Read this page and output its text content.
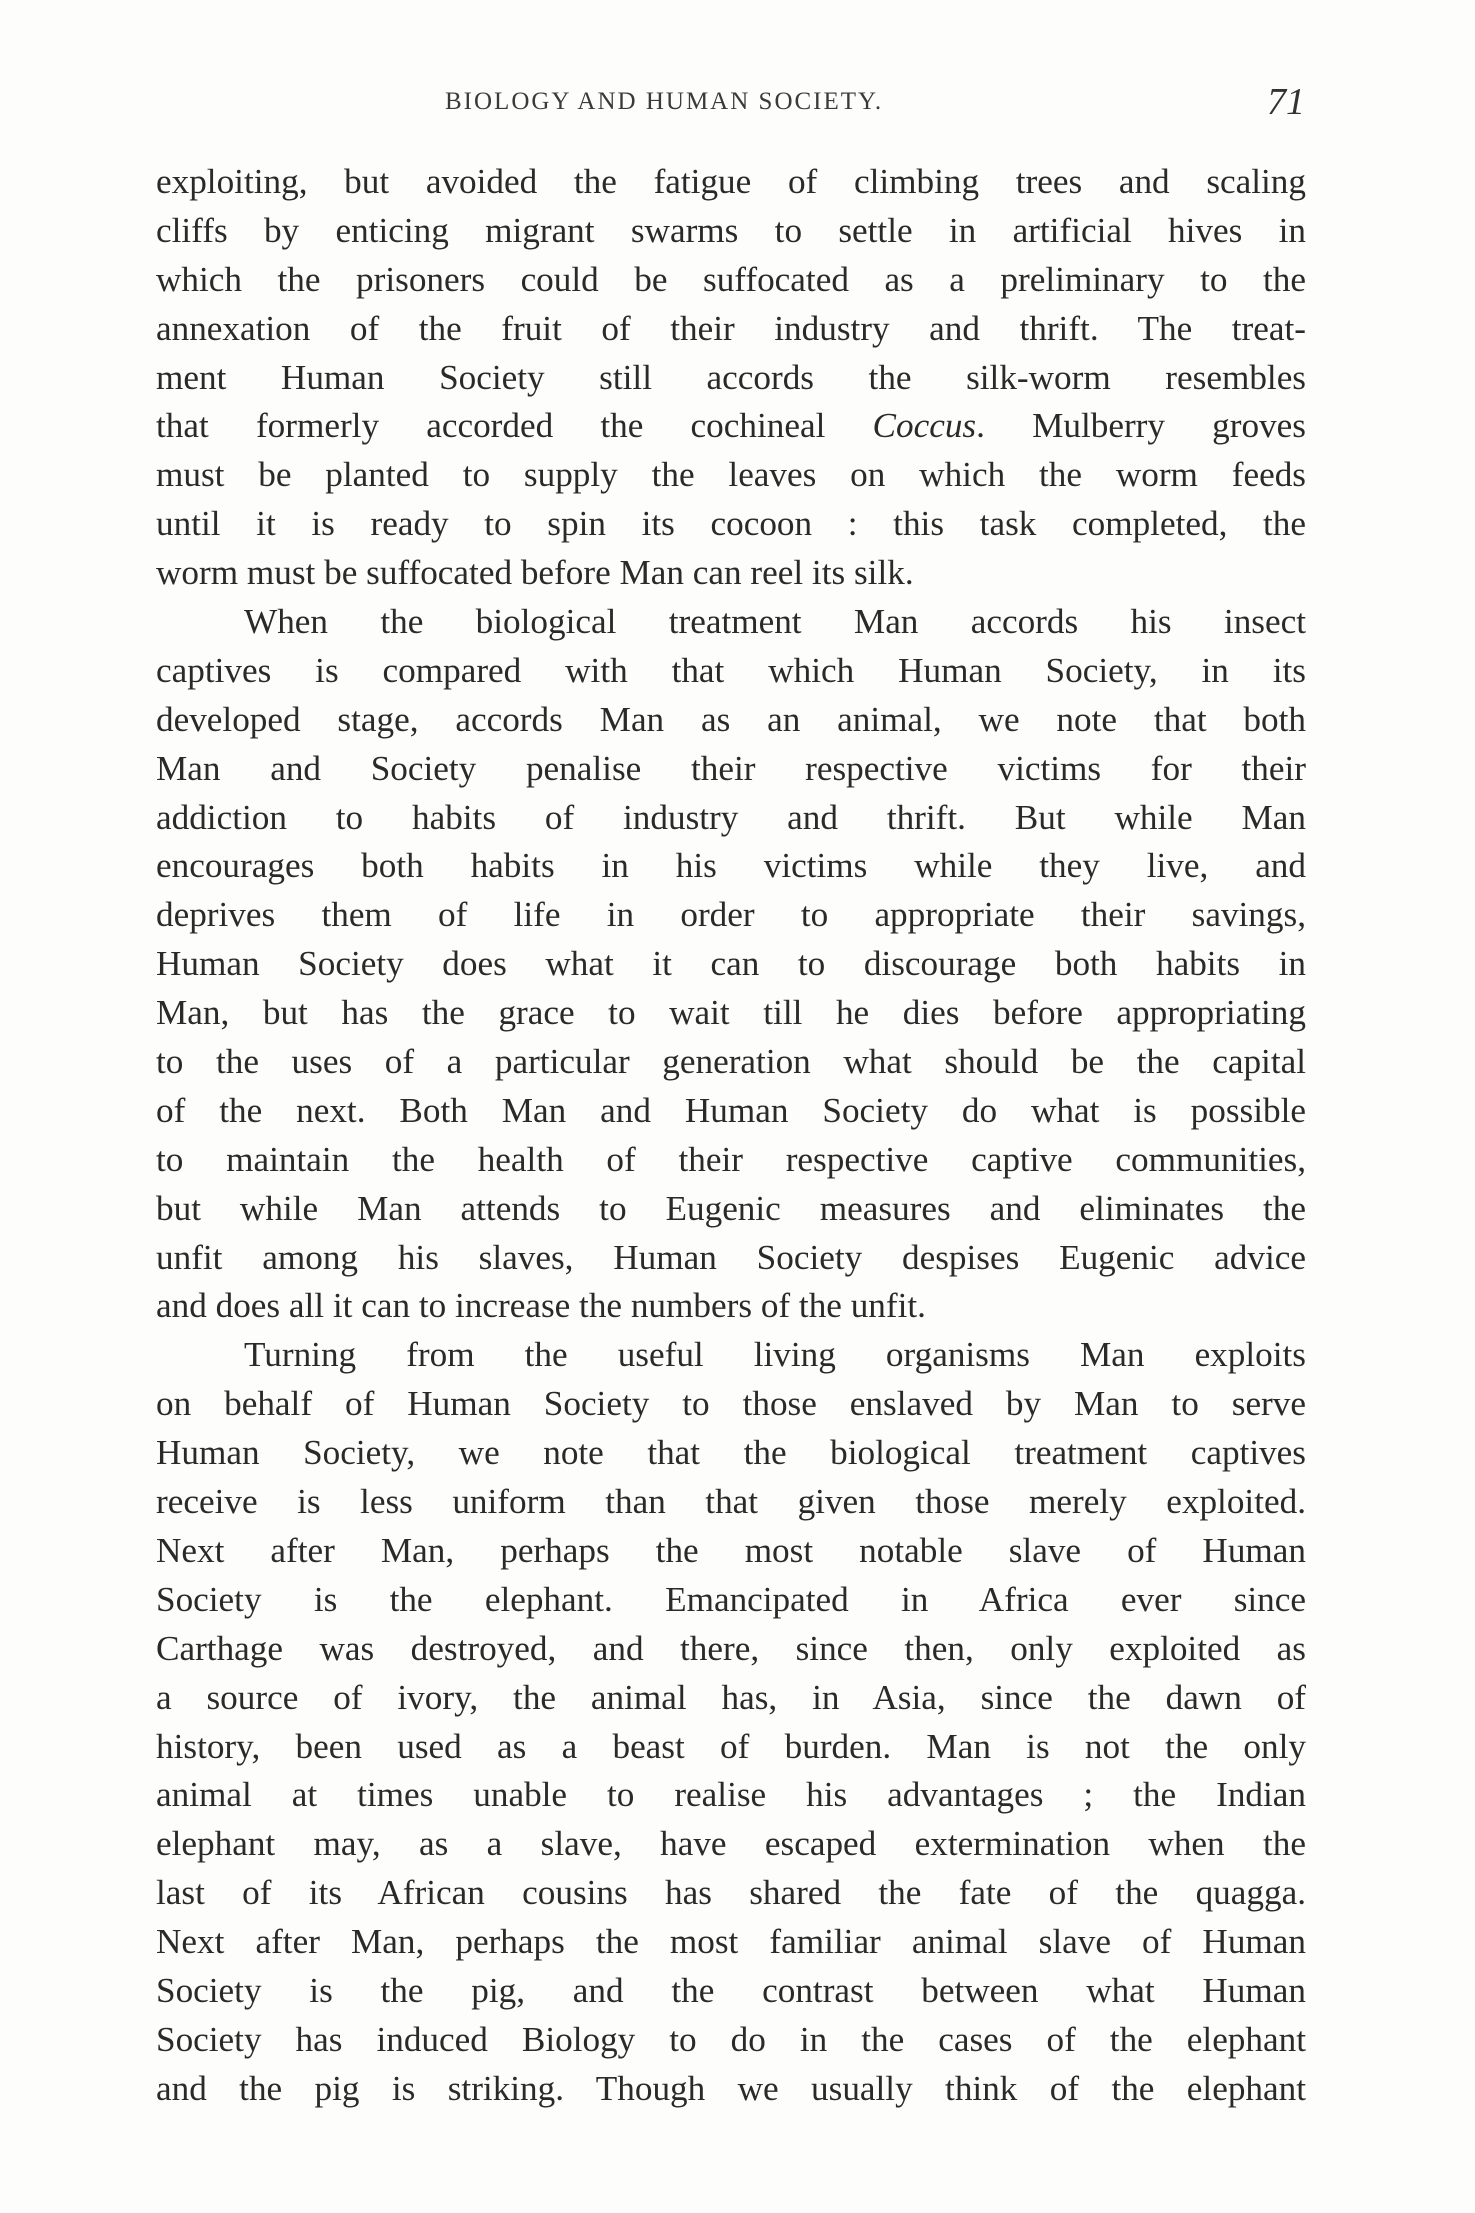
BIOLOGY AND HUMAN SOCIETY.	71
exploiting, but avoided the fatigue of climbing trees and scaling
cliffs by enticing migrant swarms to settle in artificial hives in
which the prisoners could be suffocated as a preliminary to the
annexation of the fruit of their industry and thrift. The treat-
ment Human Society still accords the silk-worm resembles
that formerly accorded the cochineal Coccus. Mulberry groves
must be planted to supply the leaves on which the worm feeds
until it is ready to spin its cocoon : this task completed, the
worm must be suffocated before Man can reel its silk.
When the biological treatment Man accords his insect
captives is compared with that which Human Society, in its
developed stage, accords Man as an animal, we note that both
Man and Society penalise their respective victims for their
addiction to habits of industry and thrift. But while Man
encourages both habits in his victims while they live, and
deprives them of life in order to appropriate their savings,
Human Society does what it can to discourage both habits in
Man, but has the grace to wait till he dies before appropriating
to the uses of a particular generation what should be the capital
of the next. Both Man and Human Society do what is possible
to maintain the health of their respective captive communities,
but while Man attends to Eugenic measures and eliminates the
unfit among his slaves, Human Society despises Eugenic advice
and does all it can to increase the numbers of the unfit.
Turning from the useful living organisms Man exploits
on behalf of Human Society to those enslaved by Man to serve
Human Society, we note that the biological treatment captives
receive is less uniform than that given those merely exploited.
Next after Man, perhaps the most notable slave of Human
Society is the elephant. Emancipated in Africa ever since
Carthage was destroyed, and there, since then, only exploited as
a source of ivory, the animal has, in Asia, since the dawn of
history, been used as a beast of burden. Man is not the only
animal at times unable to realise his advantages ; the Indian
elephant may, as a slave, have escaped extermination when the
last of its African cousins has shared the fate of the quagga.
Next after Man, perhaps the most familiar animal slave of Human
Society is the pig, and the contrast between what Human
Society has induced Biology to do in the cases of the elephant
and the pig is striking. Though we usually think of the elephant
